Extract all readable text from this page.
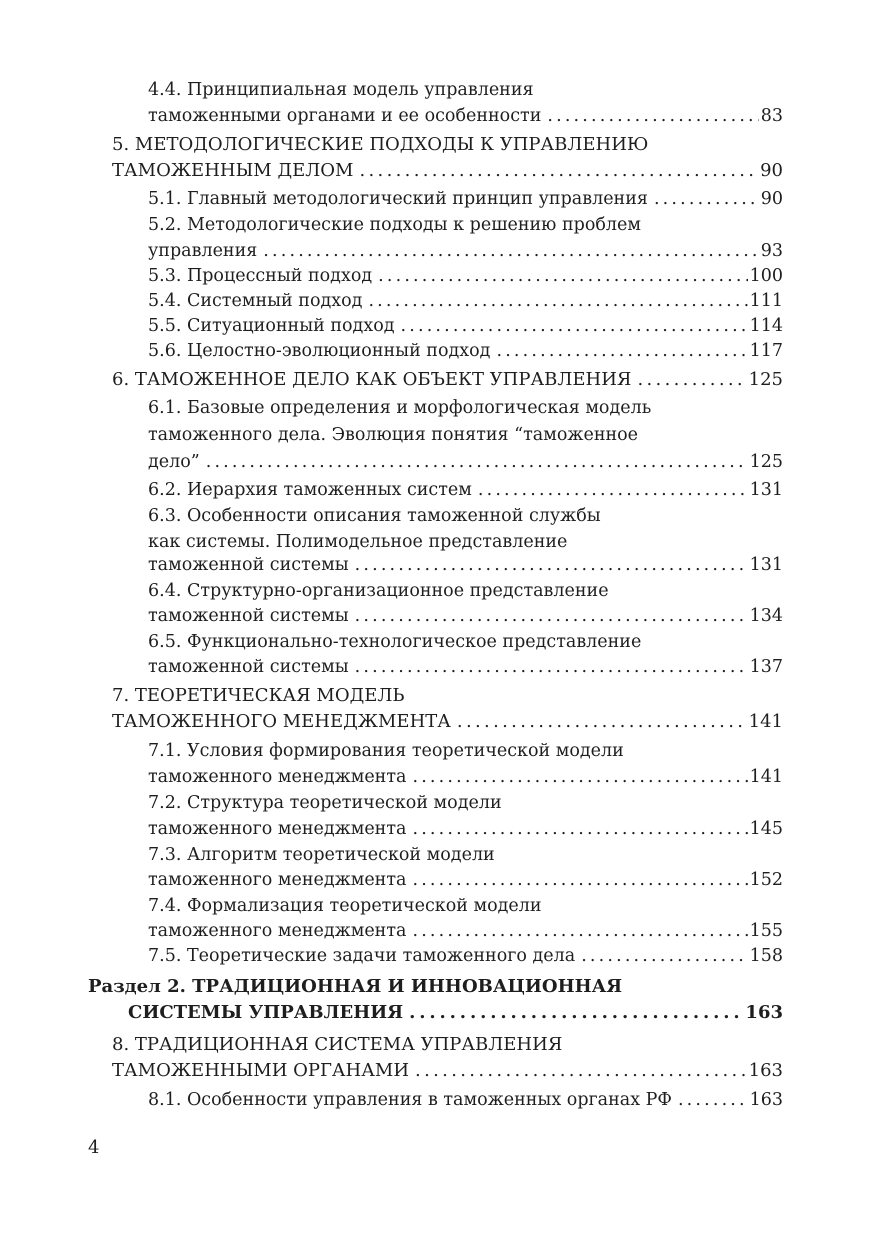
4.4. Принципиальная модель управления
таможенными органами и ее особенности . . .	83
5. МЕТОДОЛОГИЧЕСКИЕ ПОДХОДЫ К УПРАВЛЕНИЮ
ТАМОЖЕННЫМ ДЕЛОМ . . .	90
5.1. Главный методологический принцип управления . . .	90
5.2. Методологические подходы к решению проблем
управления . . .	93
5.3. Процессный подход . . .	100
5.4. Системный подход . . .	111
5.5. Ситуационный подход . . .	114
5.6. Целостно-эволюционный подход . . .	117
6. ТАМОЖЕННОЕ ДЕЛО КАК ОБЪЕКТ УПРАВЛЕНИЯ . . .	125
6.1. Базовые определения и морфологическая модель
таможенного дела. Эволюция понятия “таможенное
дело” . . .	125
6.2. Иерархия таможенных систем . . .	131
6.3. Особенности описания таможенной службы
как системы. Полимодельное представление
таможенной системы . . .	131
6.4. Структурно-организационное представление
таможенной системы . . .	134
6.5. Функционально-технологическое представление
таможенной системы . . .	137
7. ТЕОРЕТИЧЕСКАЯ МОДЕЛЬ
ТАМОЖЕННОГО МЕНЕДЖМЕНТА . . .	141
7.1. Условия формирования теоретической модели
таможенного менеджмента . . .	141
7.2. Структура теоретической модели
таможенного менеджмента . . .	145
7.3. Алгоритм теоретической модели
таможенного менеджмента . . .	152
7.4. Формализация теоретической модели
таможенного менеджмента . . .	155
7.5. Теоретические задачи таможенного дела . . .	158
Раздел 2. ТРАДИЦИОННАЯ И ИННОВАЦИОННАЯ
СИСТЕМЫ УПРАВЛЕНИЯ . . .	163
8. ТРАДИЦИОННАЯ СИСТЕМА УПРАВЛЕНИЯ
ТАМОЖЕННЫМИ ОРГАНАМИ . . .	163
8.1. Особенности управления в таможенных органах РФ . . .	163
4
